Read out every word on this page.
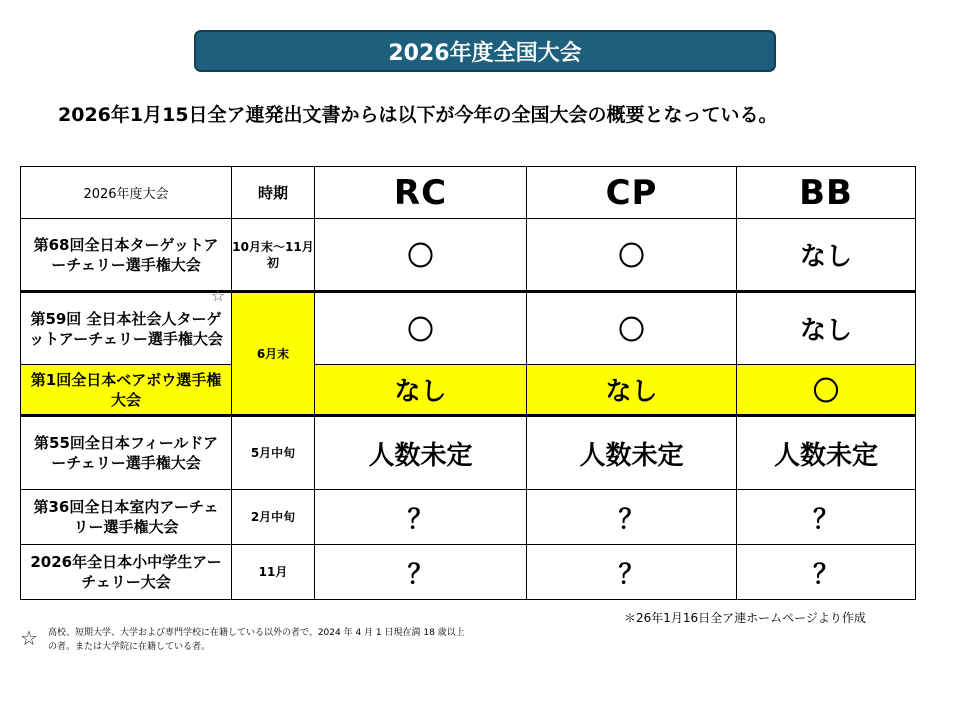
2026年度全国大会
2026年1月15日全ア連発出文書からは以下が今年の全国大会の概要となっている。
2026年度大会	時期	RC	CP	BB
第68回全日本ターゲットアーチェリー選手権大会	10月末～11月初	〇	〇	なし
第59回 全日本社会人ターゲットアーチェリー選手権大会	6月末	〇	〇	なし
第1回全日本ベアボウ選手権大会		なし	なし	〇
第55回全日本フィールドアーチェリー選手権大会	5月中旬	人数未定	人数未定	人数未定
第36回全日本室内アーチェリー選手権大会	2月中旬	？	？	？
2026年全日本小中学生アーチェリー大会	11月	？	？	？
☆
＊26年1月16日全ア連ホームページより作成
☆ 高校、短期大学、大学および専門学校に在籍している以外の者で、2024 年 4 月 1 日現在満 18 歳以上の者。または大学院に在籍している者。
